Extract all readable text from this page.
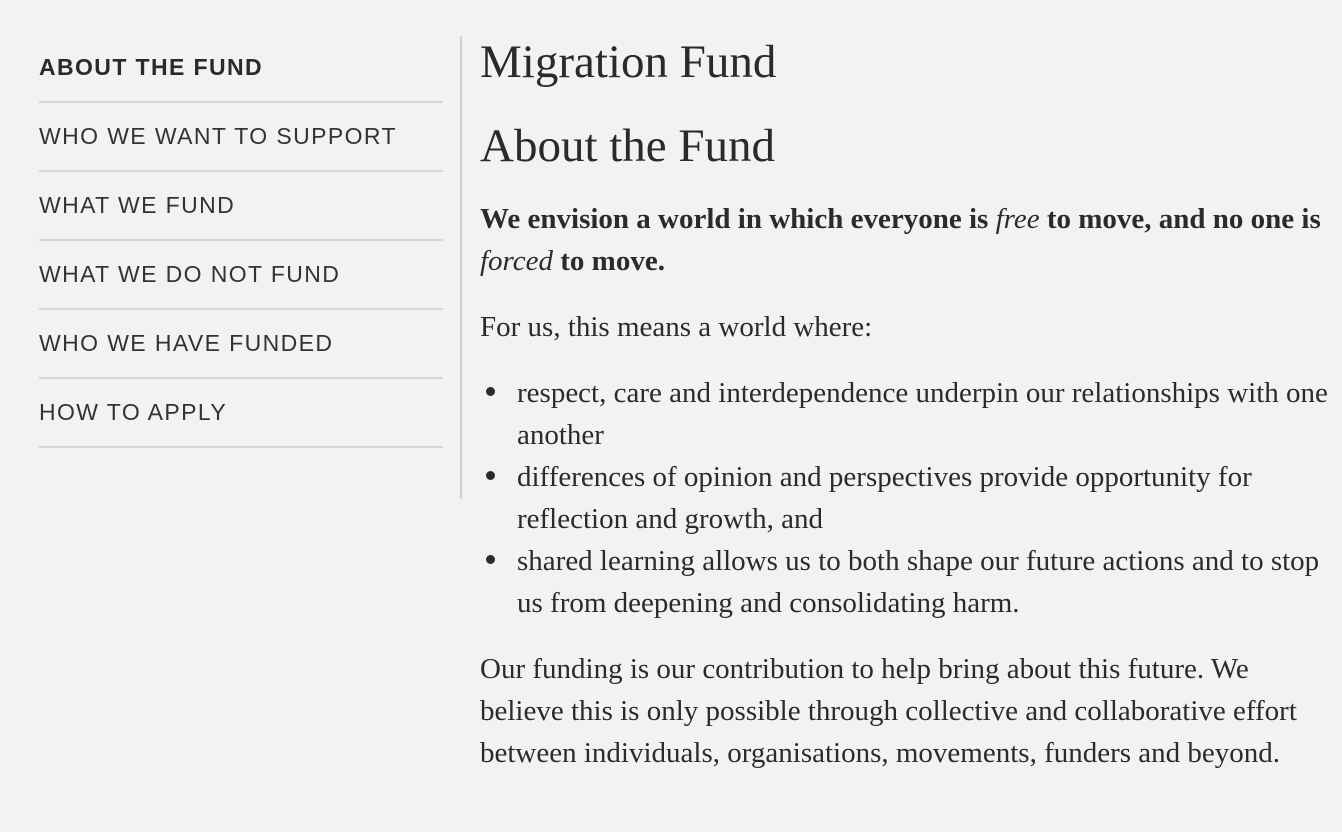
ABOUT THE FUND
WHO WE WANT TO SUPPORT
WHAT WE FUND
WHAT WE DO NOT FUND
WHO WE HAVE FUNDED
HOW TO APPLY
Migration Fund
About the Fund

We envision a world in which everyone is free to move, and no one is forced to move.

For us, this means a world where:

respect, care and interdependence underpin our relationships with one another
differences of opinion and perspectives provide opportunity for reflection and growth, and
shared learning allows us to both shape our future actions and to stop us from deepening and consolidating harm.

Our funding is our contribution to help bring about this future. We believe this is only possible through collective and collaborative effort between individuals, organisations, movements, funders and beyond.
